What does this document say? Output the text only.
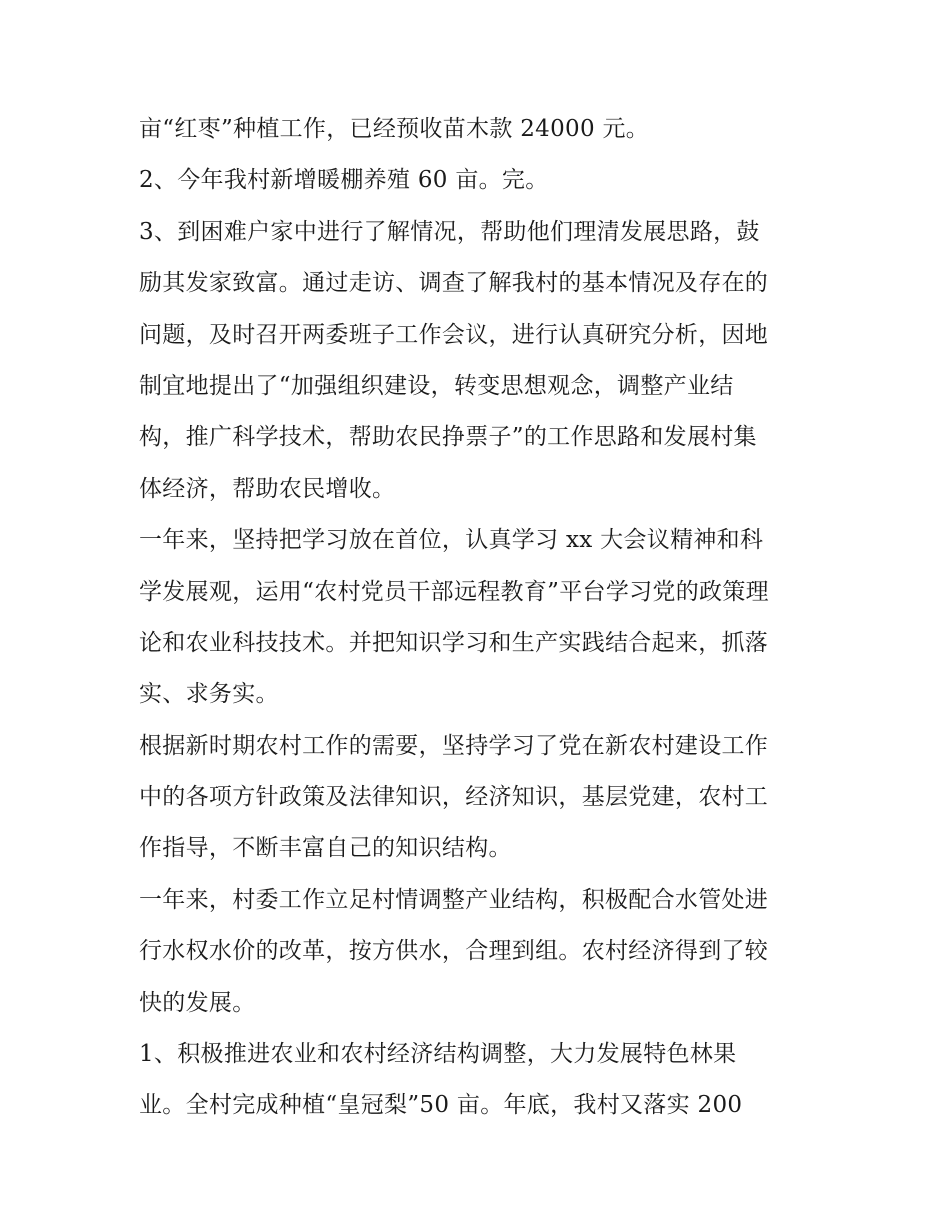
亩“红枣”种植工作，已经预收苗木款 24000 元。
2、今年我村新增暖棚养殖 60 亩。完。
3、到困难户家中进行了解情况，帮助他们理清发展思路，鼓
励其发家致富。通过走访、调查了解我村的基本情况及存在的
问题，及时召开两委班子工作会议，进行认真研究分析，因地
制宜地提出了“加强组织建设，转变思想观念，调整产业结
构，推广科学技术，帮助农民挣票子”的工作思路和发展村集
体经济，帮助农民增收。
一年来，坚持把学习放在首位，认真学习 xx 大会议精神和科
学发展观，运用“农村党员干部远程教育”平台学习党的政策理
论和农业科技技术。并把知识学习和生产实践结合起来，抓落
实、求务实。
根据新时期农村工作的需要，坚持学习了党在新农村建设工作
中的各项方针政策及法律知识，经济知识，基层党建，农村工
作指导，不断丰富自己的知识结构。
一年来，村委工作立足村情调整产业结构，积极配合水管处进
行水权水价的改革，按方供水，合理到组。农村经济得到了较
快的发展。
1、积极推进农业和农村经济结构调整，大力发展特色林果
业。全村完成种植“皇冠梨”50 亩。年底，我村又落实 200
